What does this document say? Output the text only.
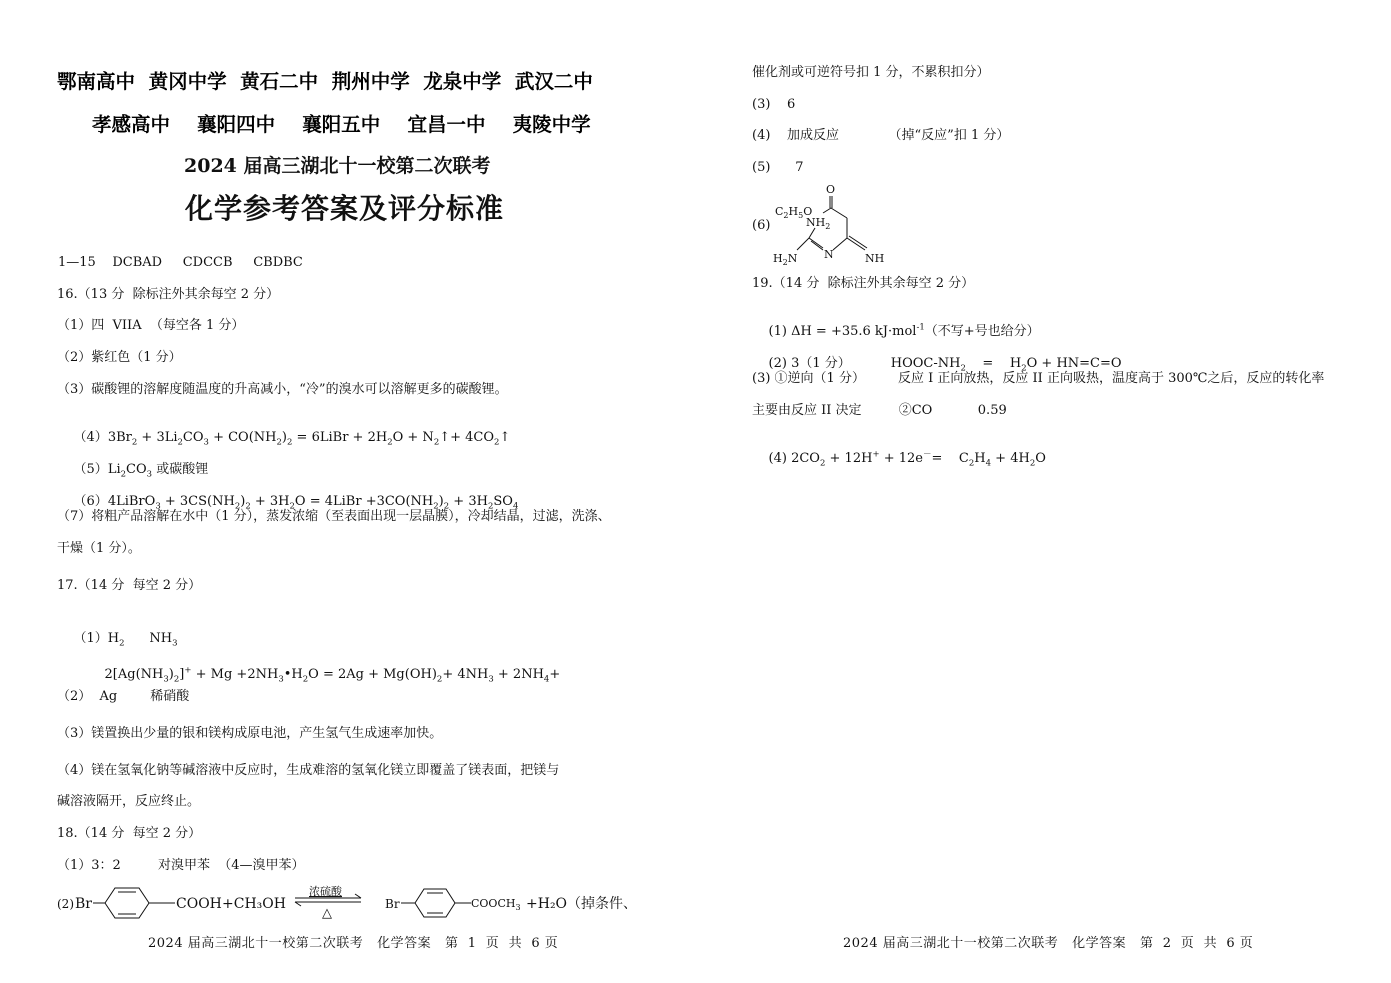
鄂南高中  黄冈中学  黄石二中  荆州中学  龙泉中学  武汉二中
孝感高中    襄阳四中    襄阳五中    宜昌一中    夷陵中学
2024 届高三湖北十一校第二次联考
化学参考答案及评分标准
1—15    DCBAD     CDCCB     CBDBC
16.（13 分  除标注外其余每空 2 分）
（1）四  VIIA  （每空各 1 分）
（2）紫红色（1 分）
（3）碳酸锂的溶解度随温度的升高减小，“冷”的溴水可以溶解更多的碳酸锂。

$(4)3Br_2 + 3Li_2CO_3 + CO(NH_2)_2$ = 6LiBr + $2H_2O$ + $N_2↑+$ $4CO_2↑$

$(5)Li_2CO_3$ 或碳酸锂

（6）4LiBrO$_3$ + $3CS(NH_2)_2 + 3H_2O$ = 4LiBr $+3CO(NH_2)_2 + 3H_2SO_4$

（7）将粗产品溶解在水中（1 分），蒸发浓缩（至表面出现一层晶膜），冷却结晶，过滤，洗涤、
干燥（1 分）。
17.（14 分  每空 2 分）

$(1)H_2$      $NH_3$

$2[Ag(NH_3)_2]^+ + Mg$ $+2NH_3•H_2O = 2Ag + Mg(OH)_2+ 4NH_3 + 2NH_4+$

（2）  Ag        稀硝酸
（3）镁置换出少量的银和镁构成原电池，产生氢气生成速率加快。
（4）镁在氢氧化钠等碱溶液中反应时，生成难溶的氢氧化镁立即覆盖了镁表面，把镁与
碱溶液隔开，反应终止。
18.（14 分  每空 2 分）
（1）3：2         对溴甲苯  （4—溴甲苯）
(2) Br	COOH +CH₃OH
浓硫酸
△
Br	$COOCH_3 +H_2O$（掉条件、
2024 届高三湖北十一校第二次联考   化学答案   第  1  页  共  6 页
催化剂或可逆符号扣 1 分，不累积扣分）
(3)    6
(4)    加成反应            （掉“反应”扣 1 分）
(5)      7
(6)
O
$C_2H_5O$
$NH_2$
N	NH
$H_2N$
19.（14 分  除标注外其余每空 2 分）

(1) ΔH = +35.6 kJ·mol$^{-1}$（不写+号也给分）

(2) 3（1 分）	HOOC-$NH_2$    =    $H_2O + HN=C=O$

(3) ①逆向（1 分）        反应 I 正向放热，反应 II 正向吸热，温度高于 300℃之后，反应的转化率
主要由反应 II 决定         ②CO           0.59

(4) $2CO_2 + 12H^+ + 12e^-=$    $C_2H_4 + 4H_2O$

2024 届高三湖北十一校第二次联考   化学答案   第  2  页  共  6 页
